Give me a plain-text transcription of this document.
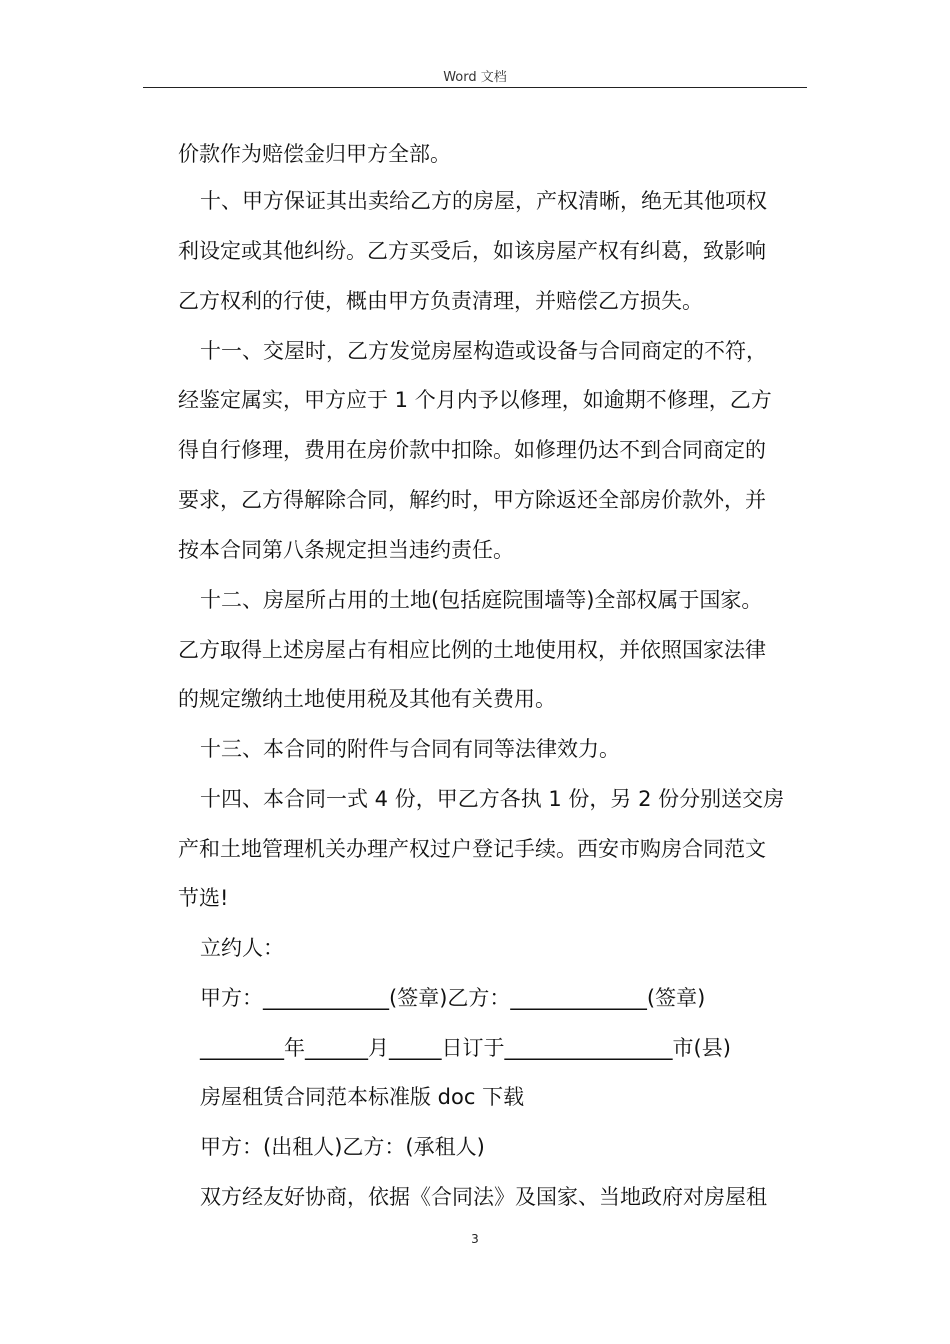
Word 文档
价款作为赔偿金归甲方全部。
十、甲方保证其出卖给乙方的房屋，产权清晰，绝无其他项权
利设定或其他纠纷。乙方买受后，如该房屋产权有纠葛，致影响
乙方权利的行使，概由甲方负责清理，并赔偿乙方损失。
十一、交屋时，乙方发觉房屋构造或设备与合同商定的不符，
经鉴定属实，甲方应于 1 个月内予以修理，如逾期不修理，乙方
得自行修理，费用在房价款中扣除。如修理仍达不到合同商定的
要求，乙方得解除合同，解约时，甲方除返还全部房价款外，并
按本合同第八条规定担当违约责任。
十二、房屋所占用的土地(包括庭院围墙等)全部权属于国家。
乙方取得上述房屋占有相应比例的土地使用权，并依照国家法律
的规定缴纳土地使用税及其他有关费用。
十三、本合同的附件与合同有同等法律效力。
十四、本合同一式 4 份，甲乙方各执 1 份，另 2 份分别送交房
产和土地管理机关办理产权过户登记手续。西安市购房合同范文
节选!
立约人：
甲方：____________(签章)乙方：_____________(签章)
________年______月_____日订于________________市(县)
房屋租赁合同范本标准版 doc 下载
甲方：(出租人)乙方：(承租人)
双方经友好协商，依据《合同法》及国家、当地政府对房屋租
3
